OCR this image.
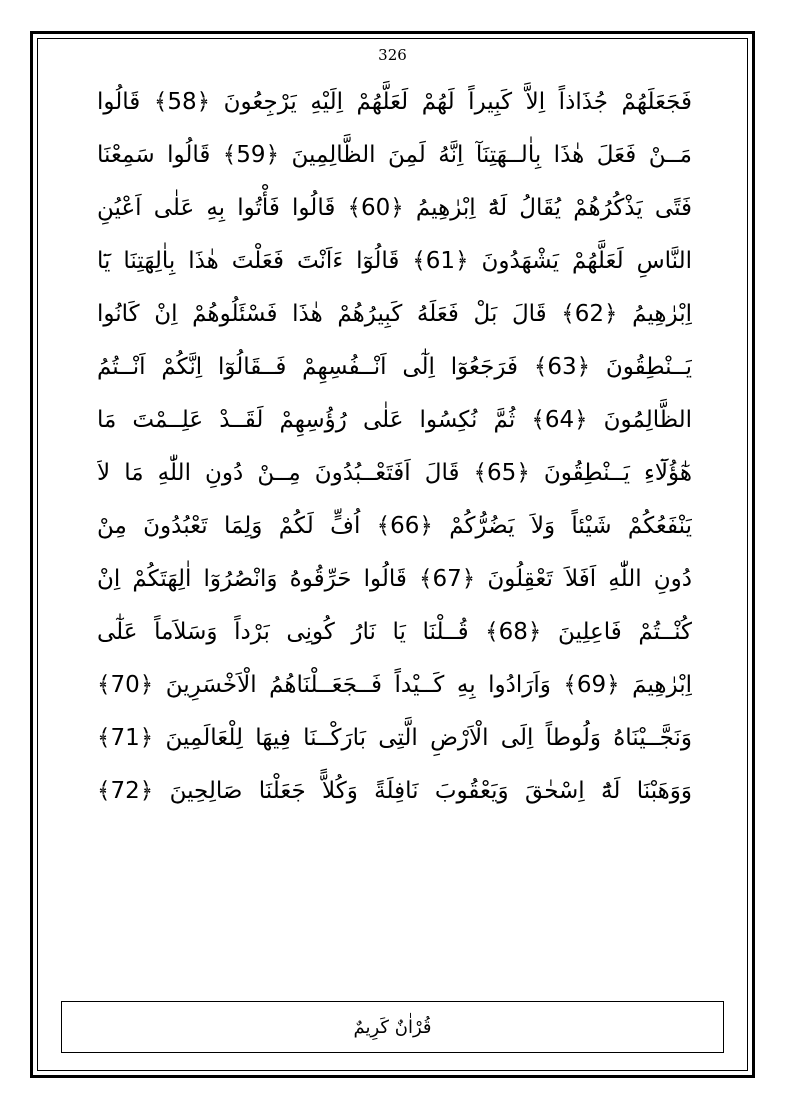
326
فَجَعَلَهُمْ جُذَاذاً اِلاَّ كَبِيراً لَهُمْ لَعَلَّهُمْ اِلَيْهِ يَرْجِعُونَ ﴿58﴾ قَالُوا
مَــنْ فَعَلَ هٰذَا بِاٰلــهَتِنَآ اِنَّهُ لَمِنَ الظَّالِمِينَ ﴿59﴾ قَالُوا سَمِعْنَا
فَتًى يَذْكُرُهُمْ يُقَالُ لَهُٓ اِبْرٰهِيمُ ﴿60﴾ قَالُوا فَأْتُوا بِهِ عَلٰى اَعْيُنِ
النَّاسِ لَعَلَّهُمْ يَشْهَدُونَ ﴿61﴾ قَالُوٓا ءَاَنْتَ فَعَلْتَ هٰذَا بِاٰلِهَتِنَا يَٓا
اِبْرٰهِيمُ ﴿62﴾ قَالَ بَلْ فَعَلَهُ كَبِيرُهُمْ هٰذَا فَسْئَلُوهُمْ اِنْ كَانُوا
يَــنْطِقُونَ ﴿63﴾ فَرَجَعُوٓا اِلٰٓى اَنْــفُسِهِمْ فَــقَالُوٓا اِنَّكُمْ اَنْــتُمُ
الظَّالِمُونَ ﴿64﴾ ثُمَّ نُكِسُوا عَلٰى رُؤُسِهِمْ لَقَــدْ عَلِــمْتَ مَا
هٰٓؤُلَٓاءِ يَــنْطِقُونَ ﴿65﴾ قَالَ اَفَتَعْــبُدُونَ مِــنْ دُونِ اللّٰهِ مَا لاَ
يَنْفَعُكُمْ شَيْئاً وَلاَ يَضُرُّكُمْ ﴿66﴾ اُفٍّ لَكُمْ وَلِمَا تَعْبُدُونَ مِنْ
دُونِ اللّٰهِ اَفَلاَ تَعْقِلُونَ ﴿67﴾ قَالُوا حَرِّقُوهُ وَانْصُرُوٓا اٰلِهَتَكُمْ اِنْ
كُنْــتُمْ فَاعِلِينَ ﴿68﴾ قُــلْنَا يَا نَارُ كُونِى بَرْداً وَسَلاَماً عَلٰٓى
اِبْرٰهِيمَ ﴿69﴾ وَاَرَادُوا بِهِ كَــيْداً فَــجَعَــلْنَاهُمُ الْاَخْسَرِينَ ﴿70﴾
وَنَجَّــيْنَاهُ وَلُوطاً اِلَى الْاَرْضِ الَّتِى بَارَكْــنَا فِيهَا لِلْعَالَمِينَ ﴿71﴾
وَوَهَبْنَا لَهُٓ اِسْحٰقَ وَيَعْقُوبَ نَافِلَةً وَكُلاًّ جَعَلْنَا صَالِحِينَ ﴿72﴾
قُرْاٰنٌ كَرِيمٌ
